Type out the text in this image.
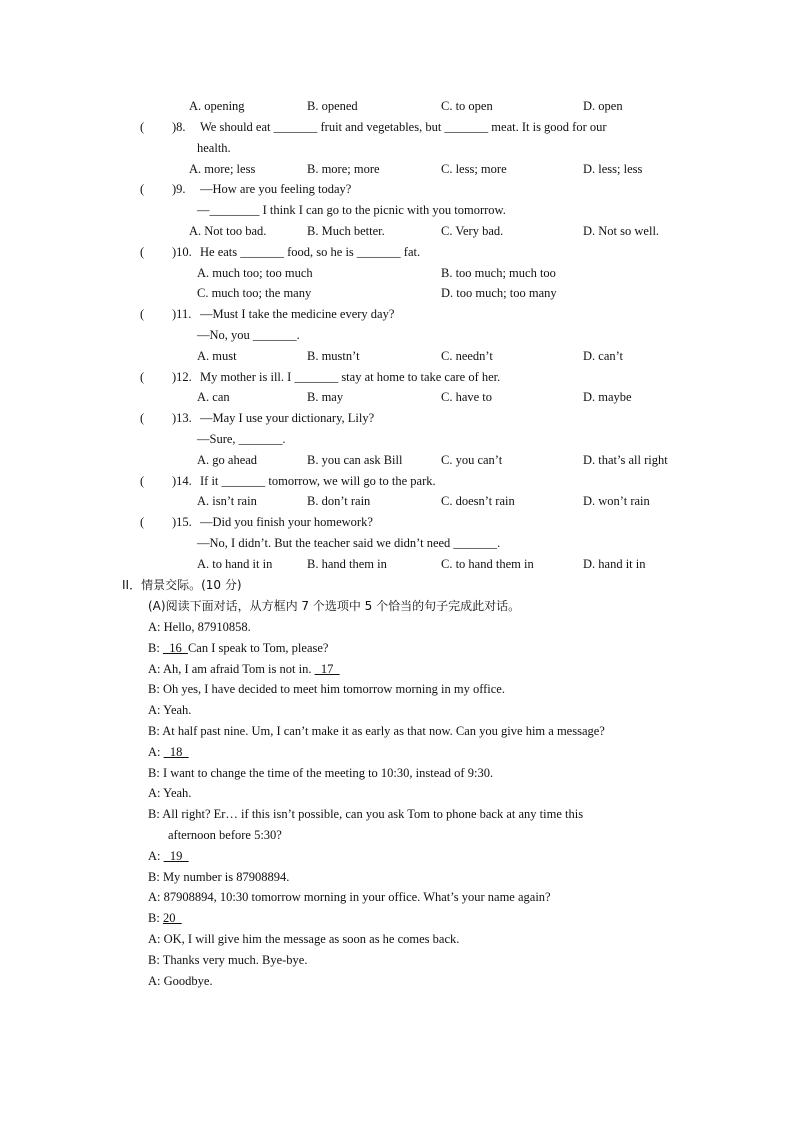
A. opening	B. opened	C. to open	D. open
( )8. We should eat _______ fruit and vegetables, but _______ meat. It is good for our
health.
A. more; less	B. more; more	C. less; more	D. less; less
( )9. —How are you feeling today?
—________ I think I can go to the picnic with you tomorrow.
A. Not too bad.	B. Much better.	C. Very bad.	D. Not so well.
( )10. He eats _______ food, so he is _______ fat.
A. much too; too much	B. too much; much too
C. much too; the many	D. too much; too many
( )11. —Must I take the medicine every day?
—No, you _______.
A. must	B. mustn’t	C. needn’t	D. can’t
( )12. My mother is ill. I _______ stay at home to take care of her.
A. can	B. may	C. have to	D. maybe
( )13. —May I use your dictionary, Lily?
—Sure, _______.
A. go ahead	B. you can ask Bill	C. you can’t	D. that’s all right
( )14. If it _______ tomorrow, we will go to the park.
A. isn’t rain	B. don’t rain	C. doesn’t rain	D. won’t rain
( )15. —Did you finish your homework?
—No, I didn’t. But the teacher said we didn’t need _______.
A. to hand it in	B. hand them in	C. to hand them in	D. hand it in
II．情景交际。(10 分)
(A)阅读下面对话，从方框内 7 个选项中 5 个恰当的句子完成此对话。
A: Hello, 87910858.
B:   16  Can I speak to Tom, please?
A: Ah, I am afraid Tom is not in.   17
B: Oh yes, I have decided to meet him tomorrow morning in my office.
A: Yeah.
B: At half past nine. Um, I can’t make it as early as that now. Can you give him a message?
A:   18
B: I want to change the time of the meeting to 10:30, instead of 9:30.
A: Yeah.
B: All right? Er… if this isn’t possible, can you ask Tom to phone back at any time this
afternoon before 5:30?
A:   19
B: My number is 87908894.
A: 87908894, 10:30 tomorrow morning in your office. What’s your name again?
B: 20
A: OK, I will give him the message as soon as he comes back.
B: Thanks very much. Bye-bye.
A: Goodbye.
